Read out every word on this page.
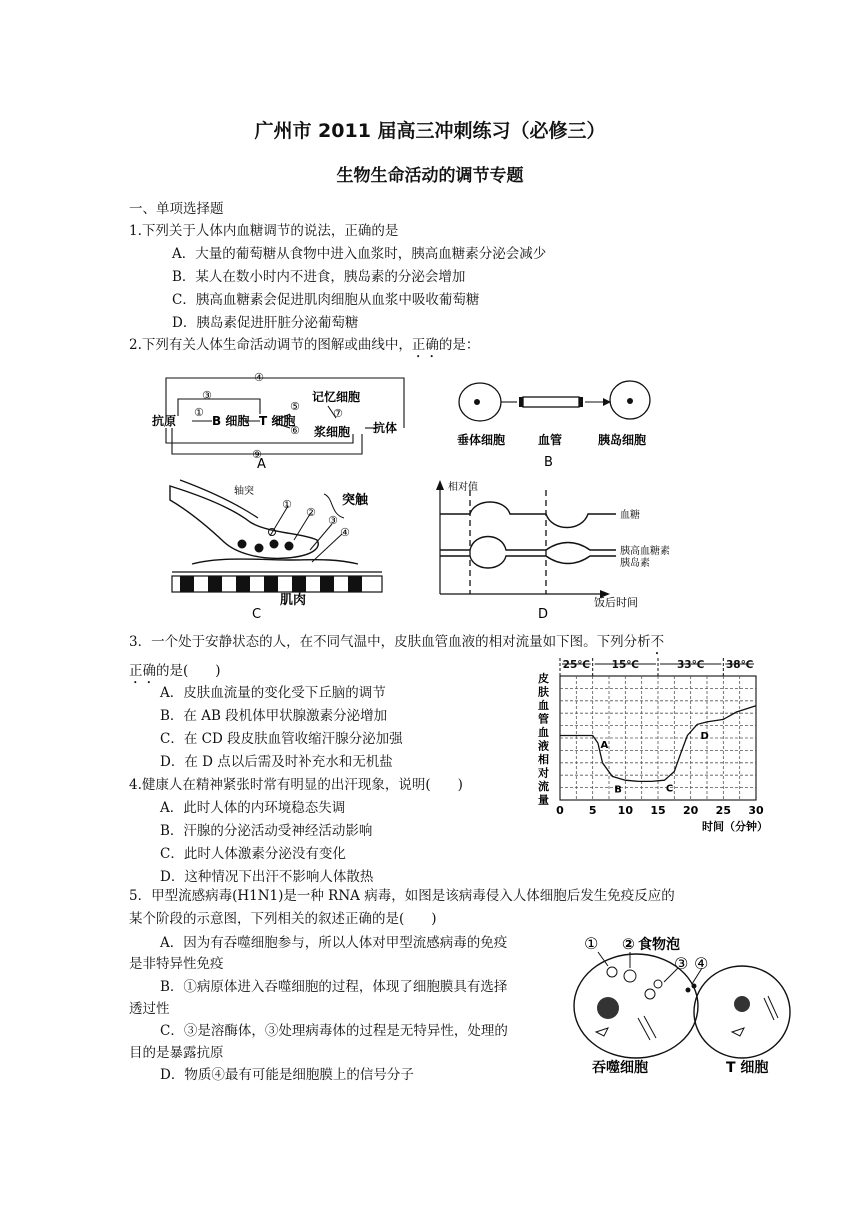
广州市 2011 届高三冲刺练习（必修三）
生物生命活动的调节专题
一、单项选择题
1.下列关于人体内血糖调节的说法，正确的是
A．大量的葡萄糖从食物中进入血浆时，胰高血糖素分泌会减少
B．某人在数小时内不进食，胰岛素的分泌会增加
C．胰高血糖素会促进肌肉细胞从血浆中吸收葡萄糖
D．胰岛素促进肝脏分泌葡萄糖
2.下列有关人体生命活动调节的图解或曲线中，正确的是：
④
③
①	⑤
⑥
⑦
⑨
抗原	B 细胞 T 细胞
记忆细胞
浆细胞 抗体
A
垂体细胞	血管	胰岛细胞
B
轴突
①
②
③
④
突触
肌肉
C
相对值
血糖
胰高血糖素
胰岛素
饭后时间
D
3．一个处于安静状态的人，在不同气温中，皮肤血管血液的相对流量如下图。下列分析不
正确的是(　　)
A．皮肤血流量的变化受下丘脑的调节
B．在 AB 段机体甲状腺激素分泌增加
C．在 CD 段皮肤血管收缩汗腺分泌加强
D．在 D 点以后需及时补充水和无机盐
皮
肤
血
管
血
液
相
对
流
量
25℃ 15℃	33℃ 38℃
0 5 10 15 20 25 30
A
B	C
D
时间（分钟）
4.健康人在精神紧张时常有明显的出汗现象，说明(　　)
A．此时人体的内环境稳态失调
B．汗腺的分泌活动受神经活动影响
C．此时人体激素分泌没有变化
D．这种情况下出汗不影响人体散热
5．甲型流感病毒(H1N1)是一种 RNA 病毒，如图是该病毒侵入人体细胞后发生免疫反应的
某个阶段的示意图，下列相关的叙述正确的是(　　)
A．因为有吞噬细胞参与，所以人体对甲型流感病毒的免疫
是非特异性免疫
B．①病原体进入吞噬细胞的过程，体现了细胞膜具有选择
透过性
C．③是溶酶体，③处理病毒体的过程是无特异性，处理的
目的是暴露抗原
D．物质④最有可能是细胞膜上的信号分子
① ② 食物泡
③ ④
吞噬细胞	T 细胞
